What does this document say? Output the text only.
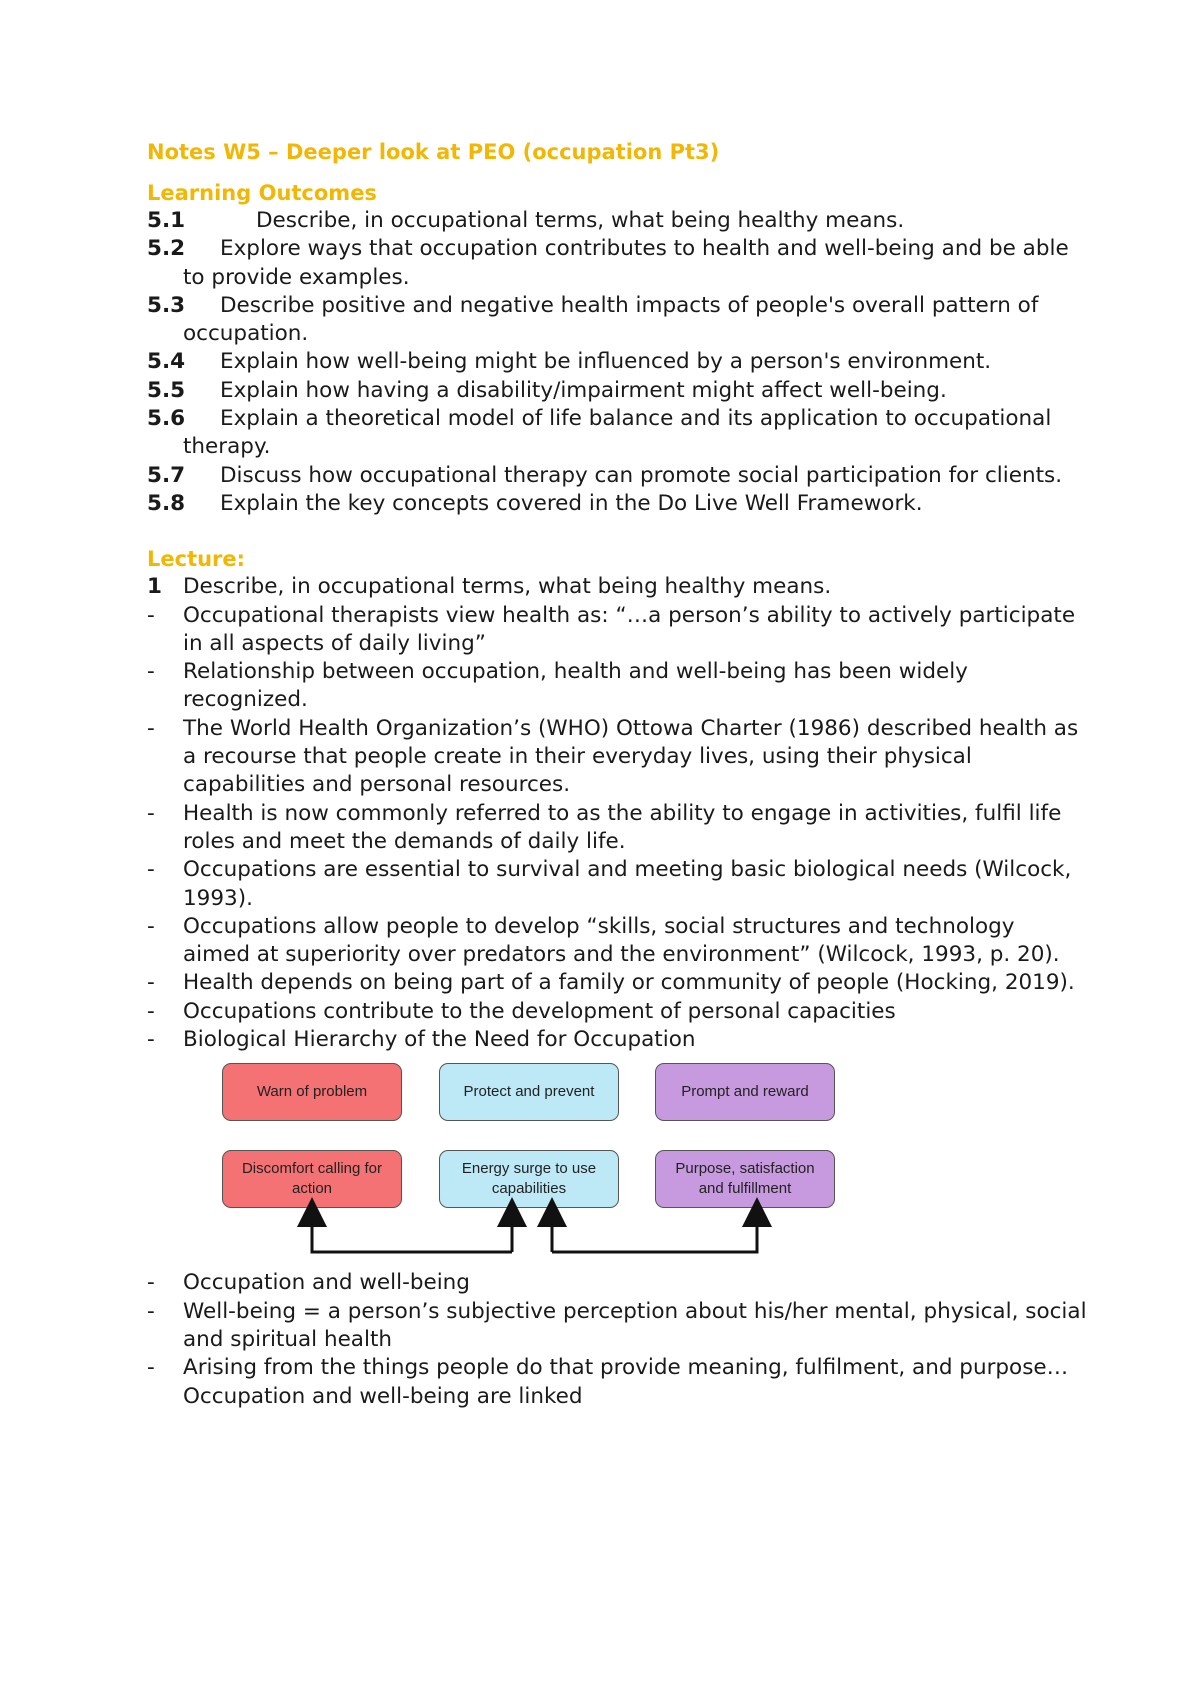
Notes W5 – Deeper look at PEO (occupation Pt3)
Learning Outcomes
5.1	Describe, in occupational terms, what being healthy means.
5.2	Explore ways that occupation contributes to health and well-being and be able to provide examples.
5.3	Describe positive and negative health impacts of people's overall pattern of occupation.
5.4	Explain how well-being might be influenced by a person's environment.
5.5	Explain how having a disability/impairment might affect well-being.
5.6	Explain a theoretical model of life balance and its application to occupational therapy.
5.7	Discuss how occupational therapy can promote social participation for clients.
5.8	Explain the key concepts covered in the Do Live Well Framework.
Lecture:
1 Describe, in occupational terms, what being healthy means.
- Occupational therapists view health as: “…a person’s ability to actively participate in all aspects of daily living”
- Relationship between occupation, health and well-being has been widely recognized.
- The World Health Organization’s (WHO) Ottowa Charter (1986) described health as a recourse that people create in their everyday lives, using their physical capabilities and personal resources.
- Health is now commonly referred to as the ability to engage in activities, fulfil life roles and meet the demands of daily life.
- Occupations are essential to survival and meeting basic biological needs (Wilcock, 1993).
- Occupations allow people to develop “skills, social structures and technology aimed at superiority over predators and the environment” (Wilcock, 1993, p. 20).
- Health depends on being part of a family or community of people (Hocking, 2019).
- Occupations contribute to the development of personal capacities
- Biological Hierarchy of the Need for Occupation
Warn of problem	Protect and prevent	Prompt and reward
Discomfort calling for action
Energy surge to use capabilities
Purpose, satisfaction and fulfillment
- Occupation and well-being
- Well-being = a person’s subjective perception about his/her mental, physical, social and spiritual health
- Arising from the things people do that provide meaning, fulfilment, and purpose… Occupation and well-being are linked
